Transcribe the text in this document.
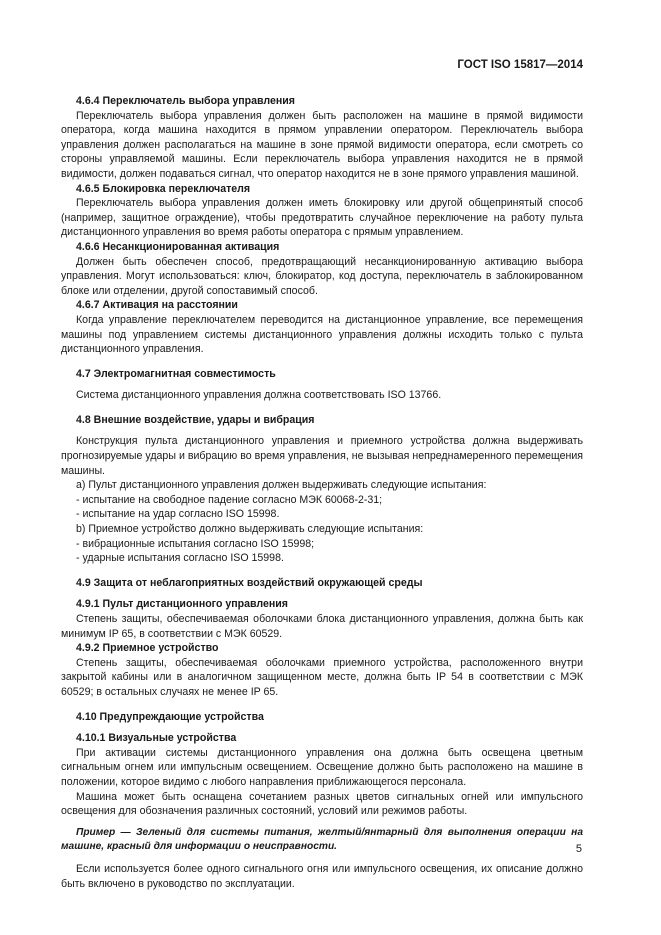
ГОСТ ISO 15817—2014

4.6.4 Переключатель выбора управления

Переключатель выбора управления должен быть расположен на машине в прямой видимости оператора, когда машина находится в прямом управлении оператором. Переключатель выбора управления должен располагаться на машине в зоне прямой видимости оператора, если смотреть со стороны управляемой машины. Если переключатель выбора управления находится не в прямой видимости, должен подаваться сигнал, что оператор находится не в зоне прямого управления машиной.

4.6.5 Блокировка переключателя

Переключатель выбора управления должен иметь блокировку или другой общепринятый способ (например, защитное ограждение), чтобы предотвратить случайное переключение на работу пульта дистанционного управления во время работы оператора с прямым управлением.

4.6.6 Несанкционированная активация

Должен быть обеспечен способ, предотвращающий несанкционированную активацию выбора управления. Могут использоваться: ключ, блокиратор, код доступа, переключатель в заблокированном блоке или отделении, другой сопоставимый способ.

4.6.7 Активация на расстоянии

Когда управление переключателем переводится на дистанционное управление, все перемещения машины под управлением системы дистанционного управления должны исходить только с пульта дистанционного управления.

4.7 Электромагнитная совместимость

Система дистанционного управления должна соответствовать ISO 13766.

4.8 Внешние воздействие, удары и вибрация

Конструкция пульта дистанционного управления и приемного устройства должна выдерживать прогнозируемые удары и вибрацию во время управления, не вызывая непреднамеренного перемещения машины.

a) Пульт дистанционного управления должен выдерживать следующие испытания:

- испытание на свободное падение согласно МЭК 60068-2-31;

- испытание на удар согласно ISO 15998.

b) Приемное устройство должно выдерживать следующие испытания:

- вибрационные испытания согласно ISO 15998;

- ударные испытания согласно ISO 15998.

4.9 Защита от неблагоприятных воздействий окружающей среды

4.9.1 Пульт дистанционного управления

Степень защиты, обеспечиваемая оболочками блока дистанционного управления, должна быть как минимум IP 65, в соответствии с МЭК 60529.

4.9.2 Приемное устройство

Степень защиты, обеспечиваемая оболочками приемного устройства, расположенного внутри закрытой кабины или в аналогичном защищенном месте, должна быть IP 54 в соответствии с МЭК 60529; в остальных случаях не менее IP 65.

4.10 Предупреждающие устройства

4.10.1 Визуальные устройства

При активации системы дистанционного управления она должна быть освещена цветным сигнальным огнем или импульсным освещением. Освещение должно быть расположено на машине в положении, которое видимо с любого направления приближающегося персонала.

Машина может быть оснащена сочетанием разных цветов сигнальных огней или импульсного освещения для обозначения различных состояний, условий или режимов работы.

Пример — Зеленый для системы питания, желтый/янтарный для выполнения операции на машине, красный для информации о неисправности.

Если используется более одного сигнального огня или импульсного освещения, их описание должно быть включено в руководство по эксплуатации.

5
